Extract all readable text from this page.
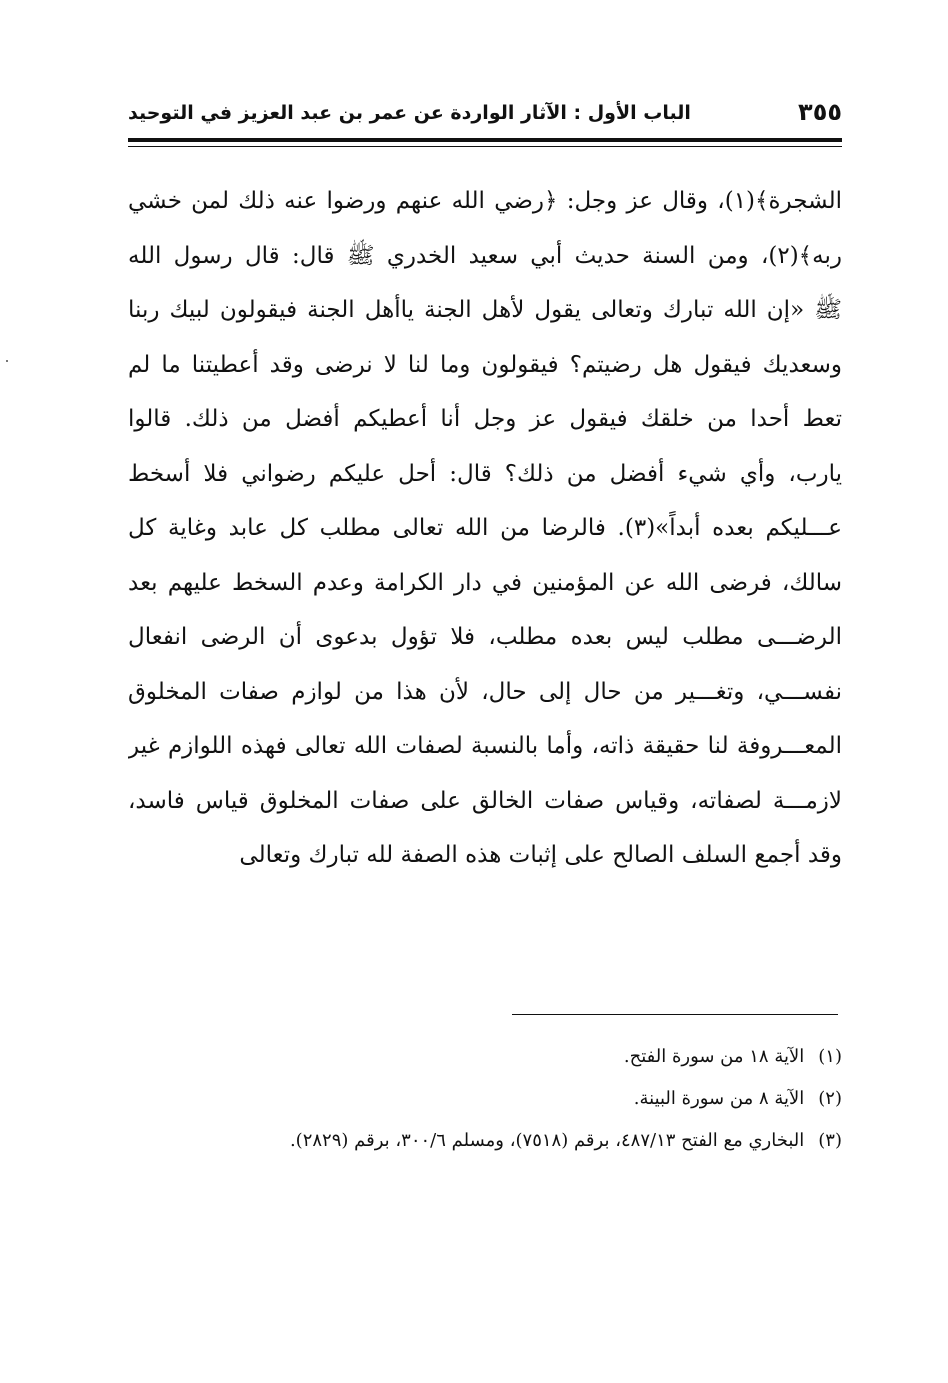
٣٥٥
الباب الأول : الآثار الواردة عن عمر بن عبد العزيز في التوحيد
الشجرة﴾(١)، وقال عز وجل: ﴿رضي الله عنهم ورضوا عنه ذلك لمن خشي
ربه﴾(٢)، ومن السنة حديث أبي سعيد الخدري ﷺ قال: قال رسول الله
ﷺ «إن الله تبارك وتعالى يقول لأهل الجنة ياأهل الجنة فيقولون لبيك ربنا
وسعديك فيقول هل رضيتم؟ فيقولون وما لنا لا نرضى وقد أعطيتنا ما لم
تعط أحدا من خلقك فيقول عز وجل أنا أعطيكم أفضل من ذلك. قالوا
يارب، وأي شيء أفضل من ذلك؟ قال: أحل عليكم رضواني فلا أسخط
عـــليكم بعده أبداً»(٣). فالرضا من الله تعالى مطلب كل عابد وغاية كل
سالك، فرضى الله عن المؤمنين في دار الكرامة وعدم السخط عليهم بعد
الرضـــى مطلب ليس بعده مطلب، فلا تؤول بدعوى أن الرضى انفعال
نفســـي، وتغـــير من حال إلى حال، لأن هذا من لوازم صفات المخلوق
المعـــروفة لنا حقيقة ذاته، وأما بالنسبة لصفات الله تعالى فهذه اللوازم غير
لازمـــة لصفاته، وقياس صفات الخالق على صفات المخلوق قياس فاسد،
وقد أجمع السلف الصالح على إثبات هذه الصفة لله تبارك وتعالى
(١)الآية ١٨ من سورة الفتح.
(٢)الآية ٨ من سورة البينة.
(٣)البخاري مع الفتح ٤٨٧/١٣، برقم (٧٥١٨)، ومسلم ٣٠٠/٦، برقم (٢٨٢٩).
